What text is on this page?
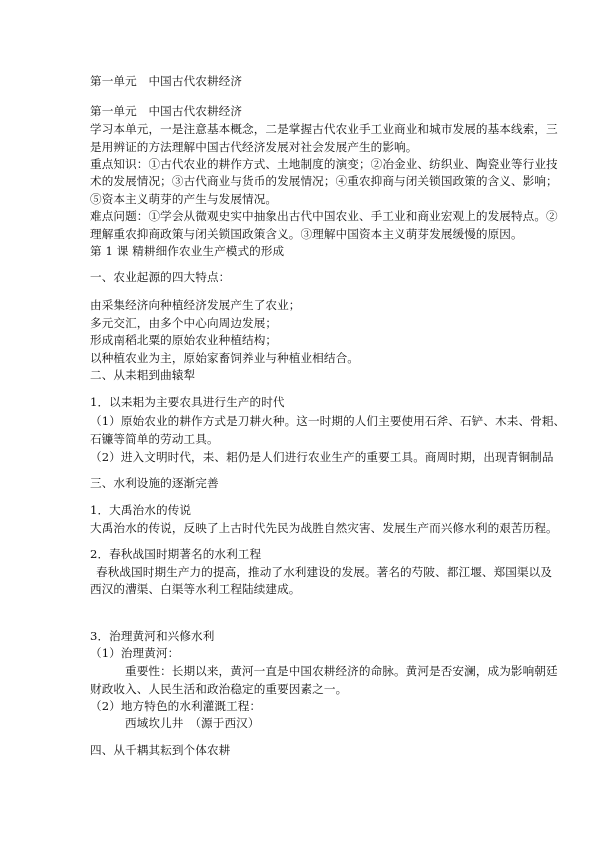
第一单元　中国古代农耕经济
第一单元　中国古代农耕经济
学习本单元，一是注意基本概念，二是掌握古代农业手工业商业和城市发展的基本线索，三
是用辨证的方法理解中国古代经济发展对社会发展产生的影响。
重点知识：①古代农业的耕作方式、土地制度的演变；②冶金业、纺织业、陶瓷业等行业技
术的发展情况；③古代商业与货币的发展情况；④重农抑商与闭关锁国政策的含义、影响；
⑤资本主义萌芽的产生与发展情况。
难点问题：①学会从微观史实中抽象出古代中国农业、手工业和商业宏观上的发展特点。②
理解重农抑商政策与闭关锁国政策含义。③理解中国资本主义萌芽发展缓慢的原因。
第 1 课 精耕细作农业生产模式的形成
一、农业起源的四大特点：
由采集经济向种植经济发展产生了农业；
多元交汇，由多个中心向周边发展；
形成南稻北粟的原始农业种植结构；
以种植农业为主，原始家畜饲养业与种植业相结合。
二、从耒耜到曲辕犁
1．以耒耜为主要农具进行生产的时代
（1）原始农业的耕作方式是刀耕火种。这一时期的人们主要使用石斧、石铲、木耒、骨耜、
石镰等简单的劳动工具。
（2）进入文明时代，耒、耜仍是人们进行农业生产的重要工具。商周时期，出现青铜制品
三、水利设施的逐渐完善
1．大禹治水的传说
大禹治水的传说，反映了上古时代先民为战胜自然灾害、发展生产而兴修水利的艰苦历程。
2．春秋战国时期著名的水利工程
春秋战国时期生产力的提高，推动了水利建设的发展。著名的芍陂、都江堰、郑国渠以及
西汉的漕渠、白渠等水利工程陆续建成。
3．治理黄河和兴修水利
（1）治理黄河：
重要性：长期以来，黄河一直是中国农耕经济的命脉。黄河是否安澜，成为影响朝廷
财政收入、人民生活和政治稳定的重要因素之一。
（2）地方特色的水利灌溉工程：
西域坎儿井　（源于西汉）
四、从千耦其耘到个体农耕
